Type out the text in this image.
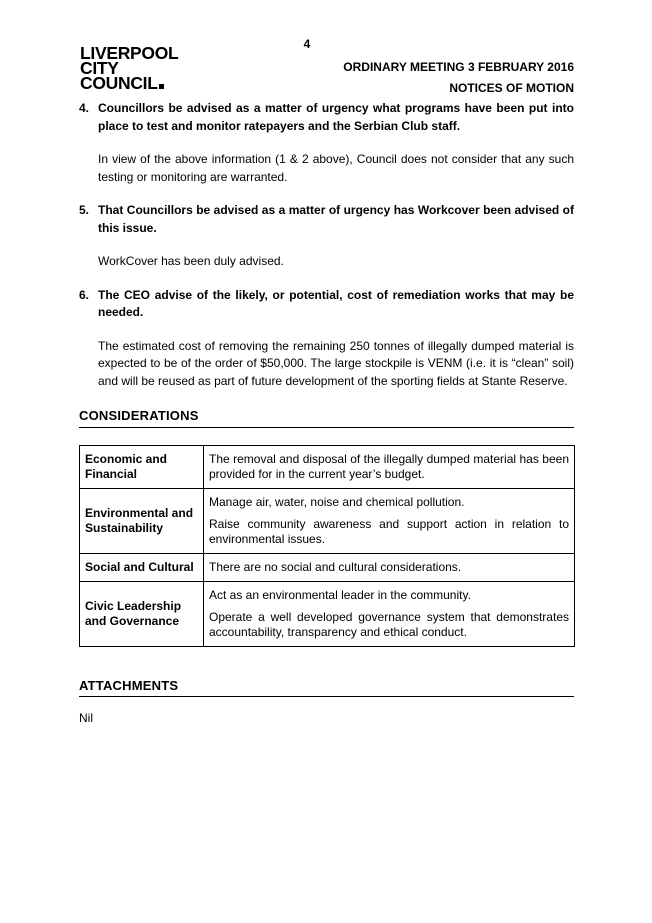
4
LIVERPOOL
CITY
COUNCIL
ORDINARY MEETING 3 FEBRUARY 2016
NOTICES OF MOTION
4. Councillors be advised as a matter of urgency what programs have been put into place to test and monitor ratepayers and the Serbian Club staff.
In view of the above information (1 & 2 above), Council does not consider that any such testing or monitoring are warranted.
5. That Councillors be advised as a matter of urgency has Workcover been advised of this issue.
WorkCover has been duly advised.
6. The CEO advise of the likely, or potential, cost of remediation works that may be needed.
The estimated cost of removing the remaining 250 tonnes of illegally dumped material is expected to be of the order of $50,000. The large stockpile is VENM (i.e. it is “clean” soil) and will be reused as part of future development of the sporting fields at Stante Reserve.
CONSIDERATIONS
Economic and Financial	The removal and disposal of the illegally dumped material has been provided for in the current year’s budget.

Environmental and Sustainability	Manage air, water, noise and chemical pollution.

Raise community awareness and support action in relation to environmental issues.

Social and Cultural	There are no social and cultural considerations.

Civic Leadership and Governance	Act as an environmental leader in the community.

Operate a well developed governance system that demonstrates accountability, transparency and ethical conduct.

ATTACHMENTS
Nil
